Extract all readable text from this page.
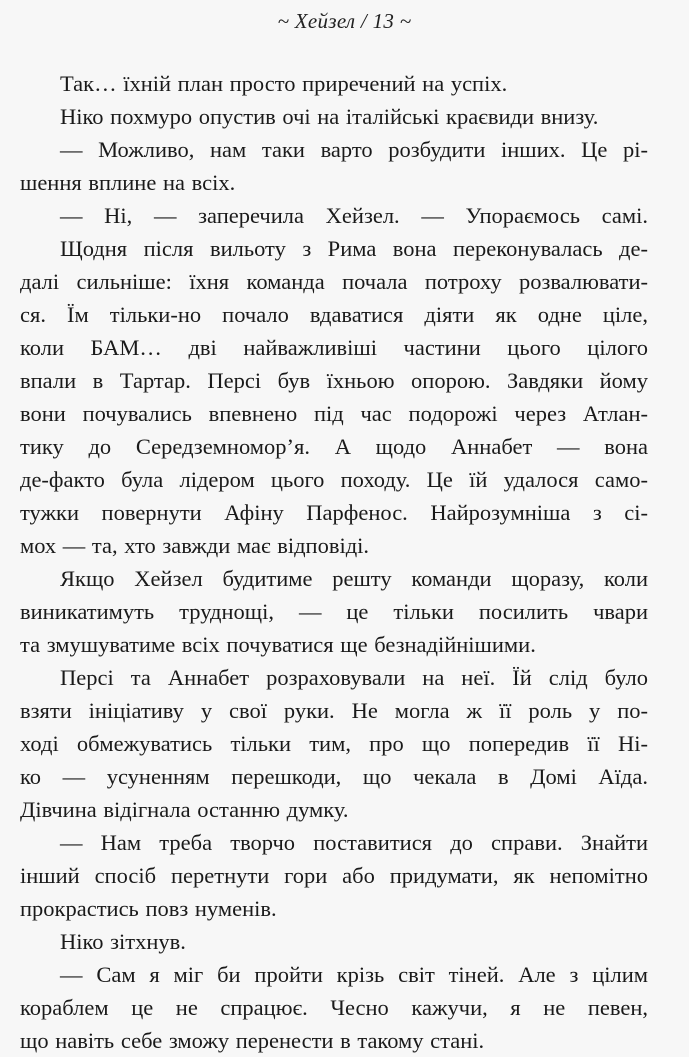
~ Хейзел / 13 ~
Так… їхній план просто приречений на успіх.
Ніко похмуро опустив очі на італійські краєвиди внизу.
— Можливо, нам таки варто розбудити інших. Це рі-
шення вплине на всіх.
— Ні, — заперечила Хейзел. — Упораємось самі.
Щодня після вильоту з Рима вона переконувалась де-
далі сильніше: їхня команда почала потроху розвалювати-
ся. Їм тільки-но почало вдаватися діяти як одне ціле,
коли БАМ… дві найважливіші частини цього цілого
впали в Тартар. Персі був їхньою опорою. Завдяки йому
вони почувались впевнено під час подорожі через Атлан-
тику до Середземномор’я. А щодо Аннабет — вона
де-факто була лідером цього походу. Це їй удалося само-
тужки повернути Афіну Парфенос. Найрозумніша з сі-
мох — та, хто завжди має відповіді.
Якщо Хейзел будитиме решту команди щоразу, коли
виникатимуть труднощі, — це тільки посилить чвари
та змушуватиме всіх почуватися ще безнадійнішими.
Персі та Аннабет розраховували на неї. Їй слід було
взяти ініціативу у свої руки. Не могла ж її роль у по-
ході обмежуватись тільки тим, про що попередив її Ні-
ко — усуненням перешкоди, що чекала в Домі Аїда.
Дівчина відігнала останню думку.
— Нам треба творчо поставитися до справи. Знайти
інший спосіб перетнути гори або придумати, як непомітно
прокрастись повз нуменів.
Ніко зітхнув.
— Сам я міг би пройти крізь світ тіней. Але з цілим
кораблем це не спрацює. Чесно кажучи, я не певен,
що навіть себе зможу перенести в такому стані.
